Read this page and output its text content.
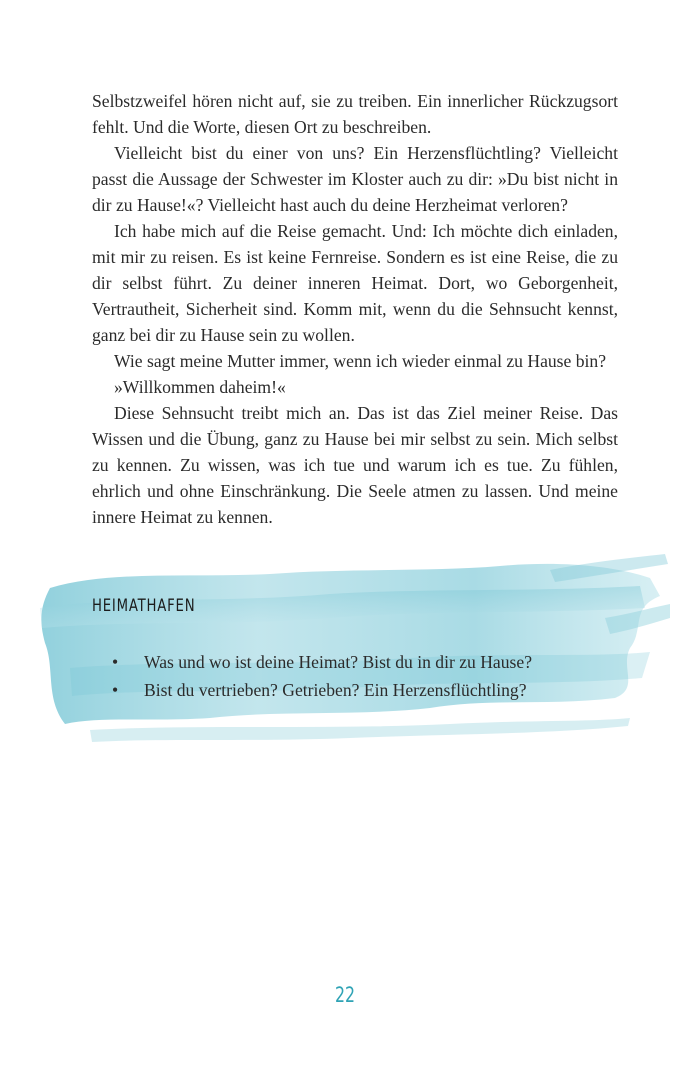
Selbstzweifel hören nicht auf, sie zu treiben. Ein innerlicher Rückzugsort fehlt. Und die Worte, diesen Ort zu beschreiben.

Vielleicht bist du einer von uns? Ein Herzensflüchtling? Vielleicht passt die Aussage der Schwester im Kloster auch zu dir: »Du bist nicht in dir zu Hause!«? Vielleicht hast auch du deine Herzheimat verloren?

Ich habe mich auf die Reise gemacht. Und: Ich möchte dich einladen, mit mir zu reisen. Es ist keine Fernreise. Sondern es ist eine Reise, die zu dir selbst führt. Zu deiner inneren Heimat. Dort, wo Geborgenheit, Vertrautheit, Sicherheit sind. Komm mit, wenn du die Sehnsucht kennst, ganz bei dir zu Hause sein zu wollen.

Wie sagt meine Mutter immer, wenn ich wieder einmal zu Hause bin?

»Willkommen daheim!«

Diese Sehnsucht treibt mich an. Das ist das Ziel meiner Reise. Das Wissen und die Übung, ganz zu Hause bei mir selbst zu sein. Mich selbst zu kennen. Zu wissen, was ich tue und warum ich es tue. Zu fühlen, ehrlich und ohne Einschränkung. Die Seele atmen zu lassen. Und meine innere Heimat zu kennen.

HEIMATHAFEN
• Was und wo ist deine Heimat? Bist du in dir zu Hause?
• Bist du vertrieben? Getrieben? Ein Herzensflüchtling?
22
